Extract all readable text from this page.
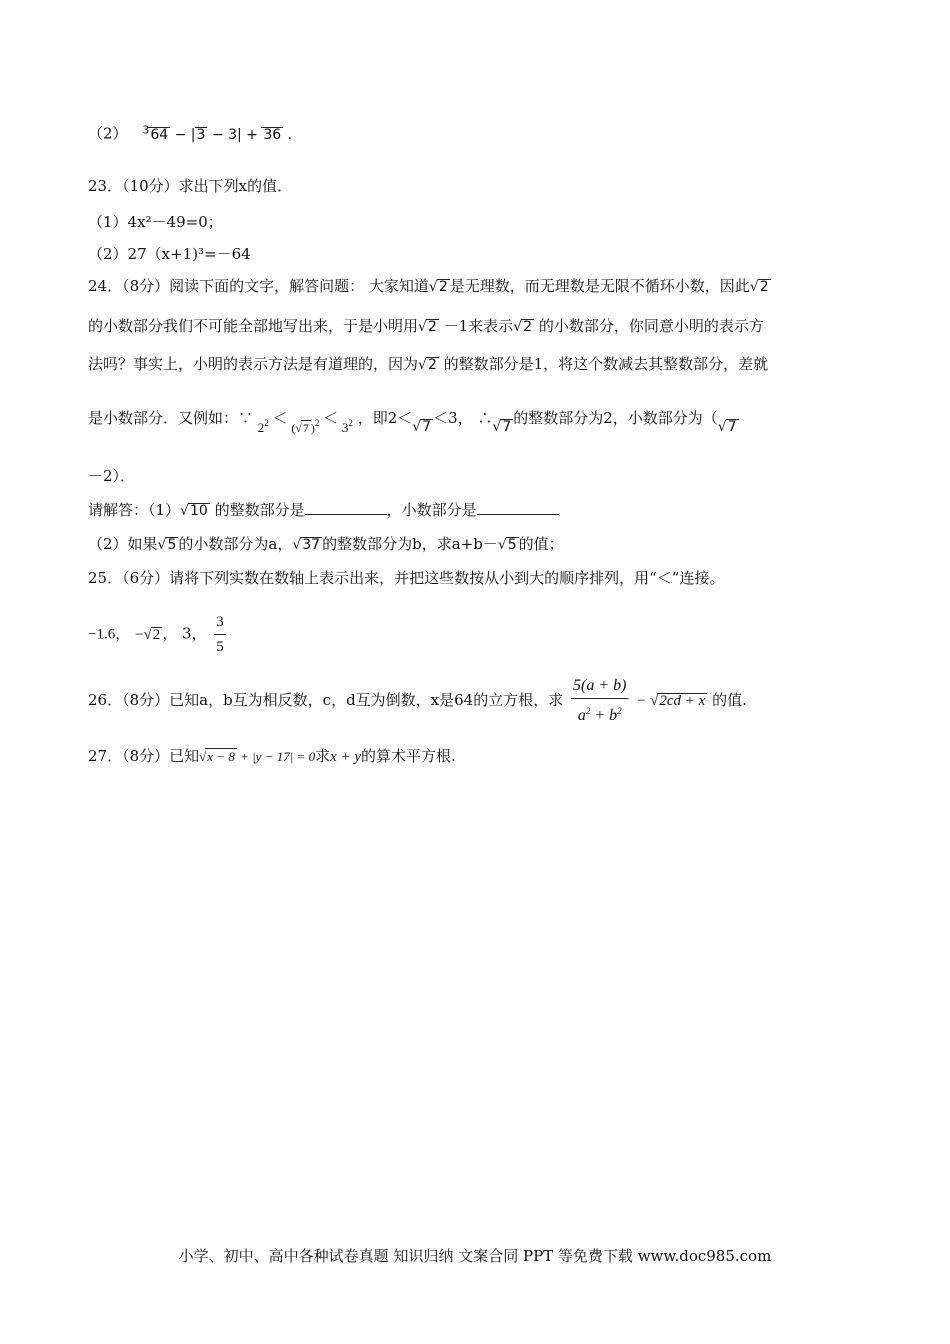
（2） $^3$64 − |3 − 3| + 36 .
23．（10分）求出下列x的值．
（1）4x²－49=0；
（2）27（x+1)³=－64
24．（8分）阅读下面的文字，解答问题： 大家知道√2 是无理数，而无理数是无限不循环小数，因此√2
的小数部分我们不可能全部地写出来，于是小明用√2 －1来表示√2 的小数部分，你同意小明的表示方
法吗？事实上，小明的表示方法是有道理的，因为√2 的整数部分是1，将这个数减去其整数部分，差就
是小数部分．又例如：∵ $2^2 < _{(√7 )^2} < 3^2$ ，即2＜√7 ＜3， ∴√7 的整数部分为2，小数部分为（√7
－2）．
请解答：（1）√10 的整数部分是	，小数部分是
（2）如果√5 的小数部分为a，√37 的整数部分为b，求a+b－√5 的值；
25．（6分）请将下列实数在数轴上表示出来，并把这些数按从小到大的顺序排列，用“＜”连接。
−1.6， −√2 ， 3， $\frac{3}{5}$
26．（8分）已知a，b互为相反数，c，d互为倒数，x是64的立方根，求 $\frac{5(a + b)}{a^2 + b^2} - √2cd + x$ 的值.
27．（8分）已知√x − 8 + |y − 17| = 0求x + y的算术平方根.
小学、初中、高中各种试卷真题 知识归纳 文案合同 PPT 等免费下载 www.doc985.com
